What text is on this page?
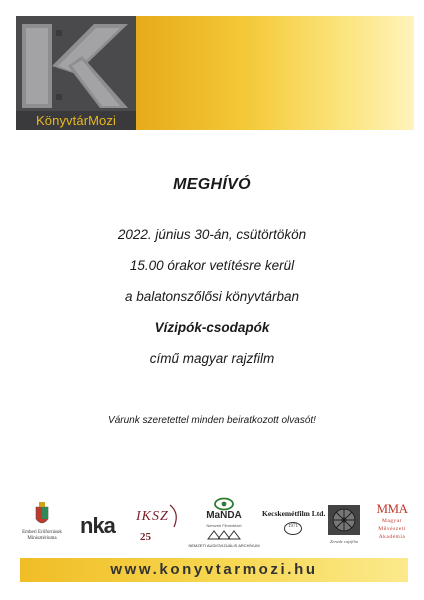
KönyvtárMozi
MEGHÍVÓ
2022. június 30-án, csütörtökön
15.00 órakor vetítésre kerül
a balatonszőlősi könyvtárban
Vízipók-csodapók
című magyar rajzfilm
Várunk szeretettel minden beiratkozott olvasót!
Emberi Erőforrások Minisztériuma
nka	IKSZ
25
MaNDA
Nemzeti Filmintézet
NEMZETI AUDIOVIZUÁLIS ARCHÍVUM
Kecskemétfilm Ltd.
1971
Zenede rajzfilm
MMA
Magyar
Művészeti
Akadémia
www.konyvtarmozi.hu
